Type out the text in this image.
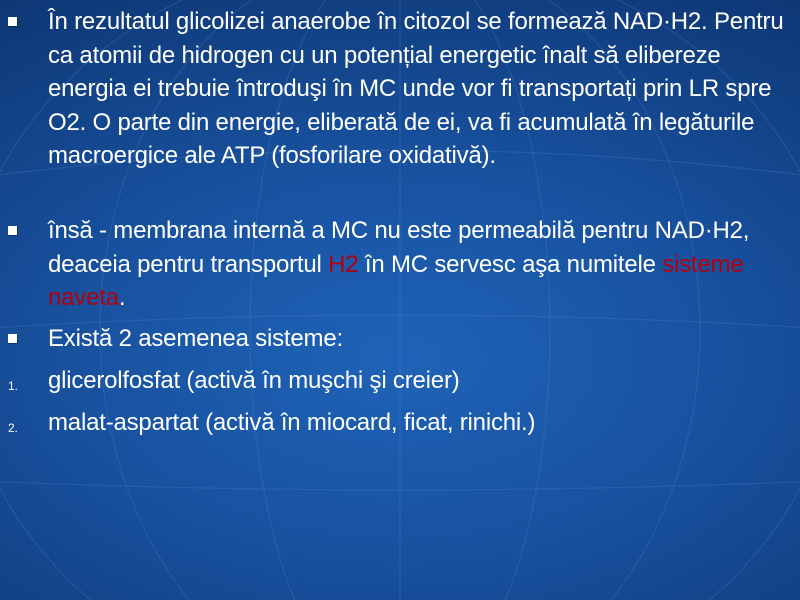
În rezultatul glicolizei anaerobe în citozol se formează NAD·H2. Pentru ca atomii de hidrogen cu un potențial energetic înalt să elibereze energia ei trebuie întroduşi în MC unde vor fi transportați prin LR spre O2. O parte din energie, eliberată de ei, va fi acumulată în legăturile macroergice ale ATP (fosforilare oxidativă).
însă - membrana internă a MC nu este permeabilă pentru NAD·H2, deaceia pentru transportul H2 în MC servesc aşa numitele sisteme naveta.
Există 2 asemenea sisteme:
1. glicerolfosfat (activă în muşchi şi creier)
2. malat-aspartat (activă în miocard, ficat, rinichi.)
